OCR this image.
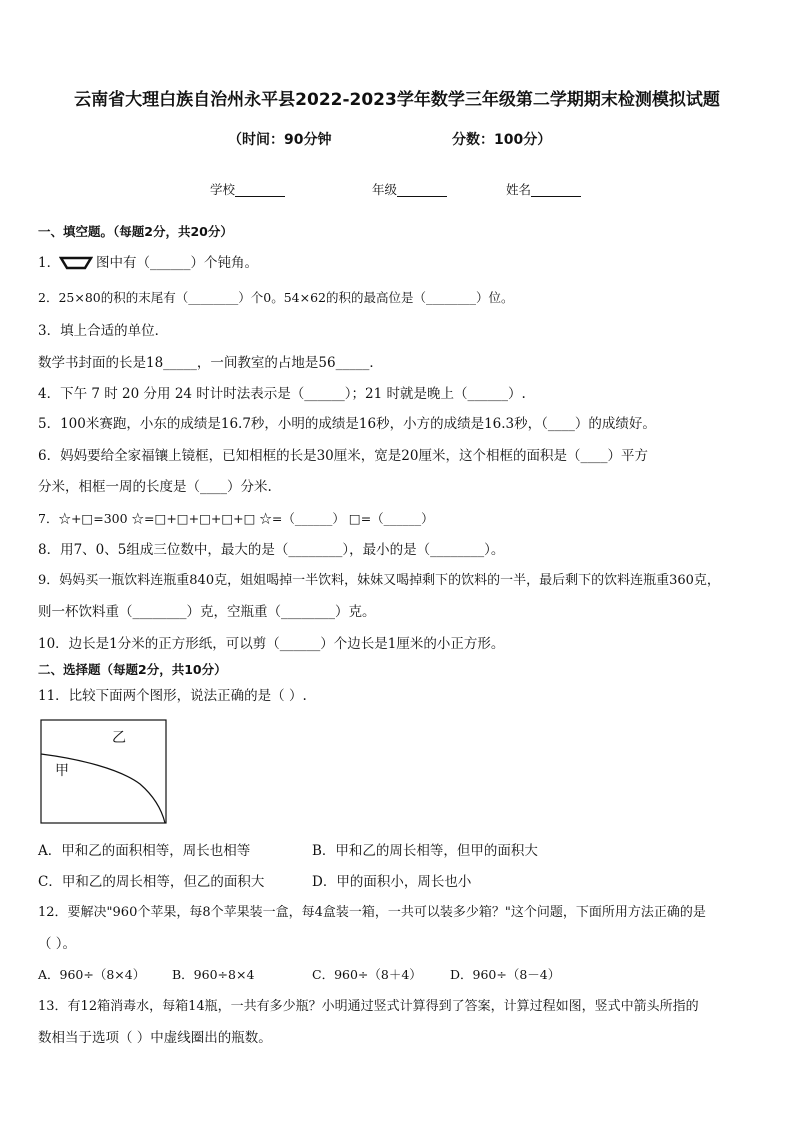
云南省大理白族自治州永平县2022-2023学年数学三年级第二学期期末检测模拟试题
（时间：90分钟	分数：100分）
学校	年级	姓名
一、填空题。（每题2分，共20分）
1．	图中有（______）个钝角。
2．25×80的积的末尾有（________）个0。54×62的积的最高位是（________）位。
3．填上合适的单位．
数学书封面的长是18_____，一间教室的占地是56_____．
4．下午 7 时 20 分用 24 时计时法表示是（______）；21 时就是晚上（______）.
5．100米赛跑，小东的成绩是16.7秒，小明的成绩是16秒，小方的成绩是16.3秒，（____）的成绩好。
6．妈妈要给全家福镶上镜框，已知相框的长是30厘米，宽是20厘米，这个相框的面积是（____）平方
分米，相框一周的长度是（____）分米.
7．☆+□=300 ☆=□+□+□+□+□ ☆=（______） □=（______）
8．用7、0、5组成三位数中，最大的是（________），最小的是（________）。
9．妈妈买一瓶饮料连瓶重840克，姐姐喝掉一半饮料，妹妹又喝掉剩下的饮料的一半，最后剩下的饮料连瓶重360克，
则一杯饮料重（________）克，空瓶重（________）克。
10．边长是1分米的正方形纸，可以剪（______）个边长是1厘米的小正方形。
二、选择题（每题2分，共10分）
11．比较下面两个图形，说法正确的是（ ）.
乙
甲
A．甲和乙的面积相等，周长也相等	B．甲和乙的周长相等，但甲的面积大
C．甲和乙的周长相等，但乙的面积大	D．甲的面积小，周长也小
12．要解决"960个苹果，每8个苹果装一盒，每4盒装一箱，一共可以装多少箱？"这个问题，下面所用方法正确的是
（ ）。
A．960÷（8×4） B．960÷8×4	C．960÷（8＋4） D．960÷（8－4）
13．有12箱消毒水，每箱14瓶，一共有多少瓶？小明通过竖式计算得到了答案，计算过程如图，竖式中箭头所指的
数相当于选项（ ）中虚线圈出的瓶数。
